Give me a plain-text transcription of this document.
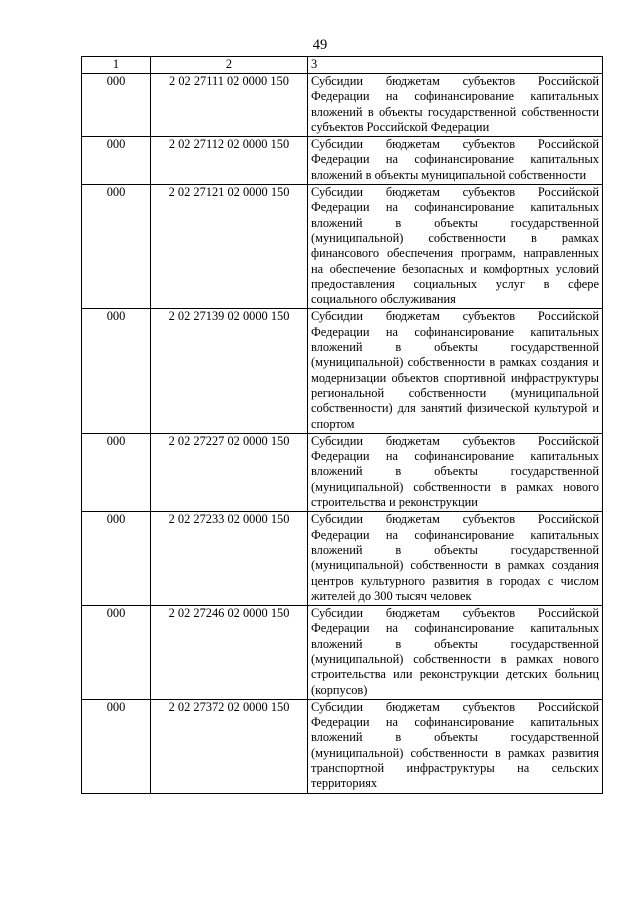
49
1	2	3
000	2 02 27111 02 0000 150	Субсидии бюджетам субъектов Российской Федерации на софинансирование капитальных вложений в объекты государственной собственности субъектов Российской Федерации
000	2 02 27112 02 0000 150	Субсидии бюджетам субъектов Российской Федерации на софинансирование капитальных вложений в объекты муниципальной собственности
000	2 02 27121 02 0000 150	Субсидии бюджетам субъектов Российской Федерации на софинансирование капитальных вложений в объекты государственной (муниципальной) собственности в рамках финансового обеспечения программ, направленных на обеспечение безопасных и комфортных условий предоставления социальных услуг в сфере социального обслуживания
000	2 02 27139 02 0000 150	Субсидии бюджетам субъектов Российской Федерации на софинансирование капитальных вложений в объекты государственной (муниципальной) собственности в рамках создания и модернизации объектов спортивной инфраструктуры региональной собственности (муниципальной собственности) для занятий физической культурой и спортом
000	2 02 27227 02 0000 150	Субсидии бюджетам субъектов Российской Федерации на софинансирование капитальных вложений в объекты государственной (муниципальной) собственности в рамках нового строительства и реконструкции
000	2 02 27233 02 0000 150	Субсидии бюджетам субъектов Российской Федерации на софинансирование капитальных вложений в объекты государственной (муниципальной) собственности в рамках создания центров культурного развития в городах с числом жителей до 300 тысяч человек
000	2 02 27246 02 0000 150	Субсидии бюджетам субъектов Российской Федерации на софинансирование капитальных вложений в объекты государственной (муниципальной) собственности в рамках нового строительства или реконструкции детских больниц (корпусов)
000	2 02 27372 02 0000 150	Субсидии бюджетам субъектов Российской Федерации на софинансирование капитальных вложений в объекты государственной (муниципальной) собственности в рамках развития транспортной инфраструктуры на сельских территориях
